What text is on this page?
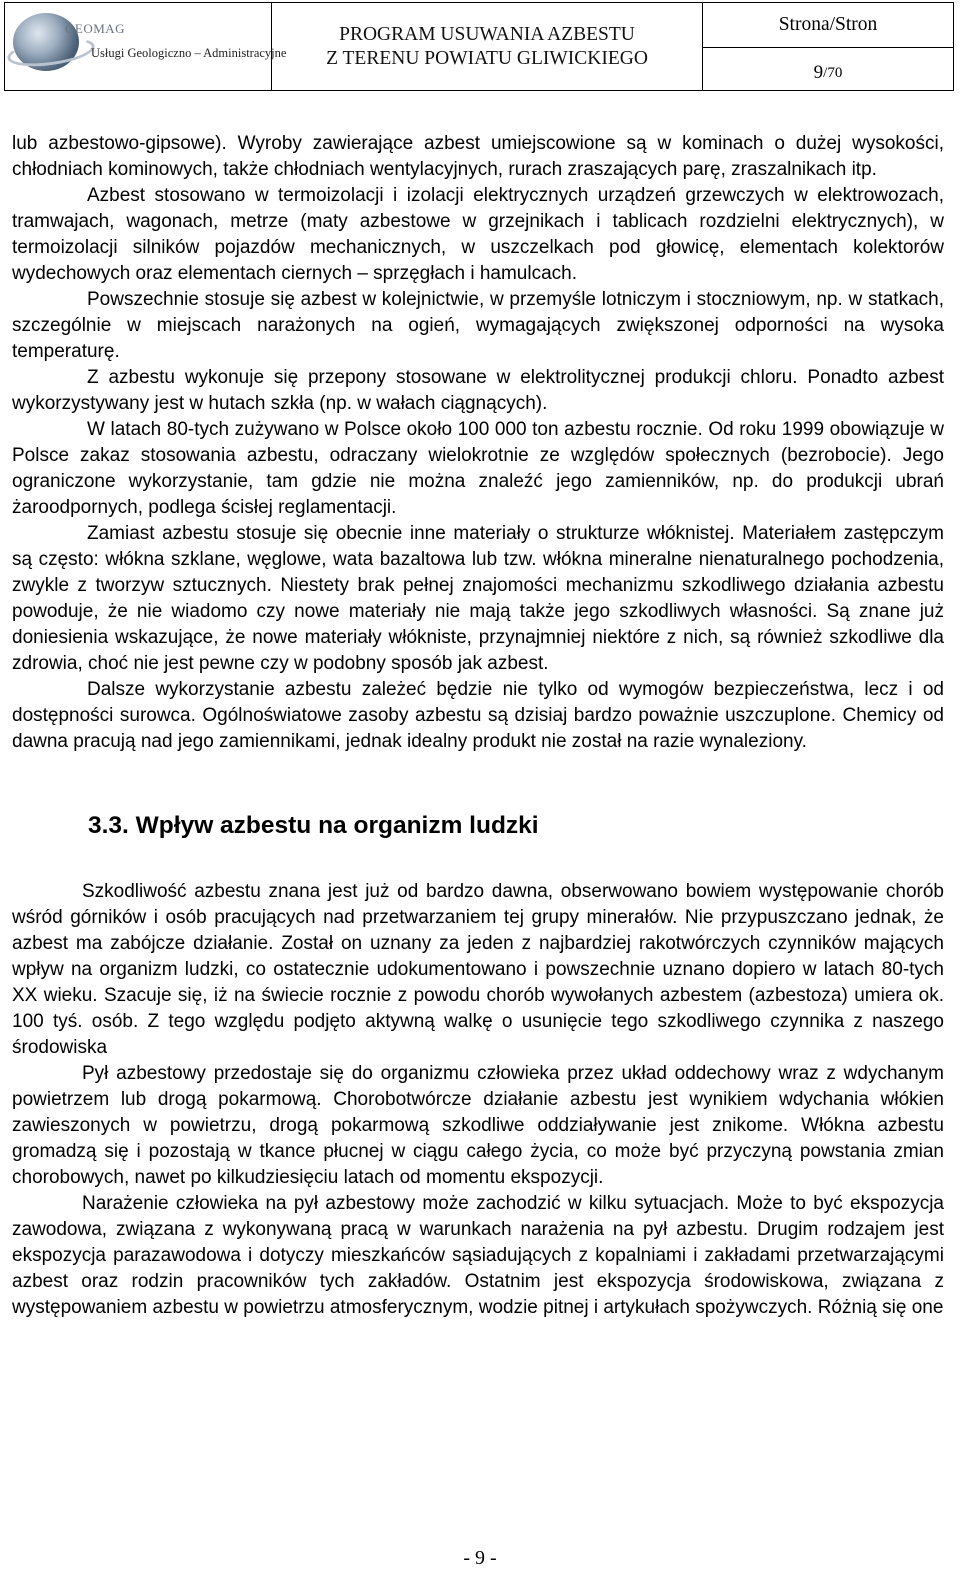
GEOMAG
Usługi Geologiczno – Administracyjne
PROGRAM USUWANIA AZBESTU
Z TERENU POWIATU GLIWICKIEGO
Strona/Stron
9 /70

lub azbestowo-gipsowe). Wyroby zawierające azbest umiejscowione są w kominach o dużej wysokości, chłodniach kominowych, także chłodniach wentylacyjnych, rurach zraszających parę, zraszalnikach itp.

Azbest stosowano w termoizolacji i izolacji elektrycznych urządzeń grzewczych w elektrowozach, tramwajach, wagonach, metrze (maty azbestowe w grzejnikach i tablicach rozdzielni elektrycznych), w termoizolacji silników pojazdów mechanicznych, w uszczelkach pod głowicę, elementach kolektorów wydechowych oraz elementach ciernych – sprzęgłach i hamulcach.

Powszechnie stosuje się azbest w kolejnictwie, w przemyśle lotniczym i stoczniowym, np. w statkach, szczególnie w miejscach narażonych na ogień, wymagających zwiększonej odporności na wysoka temperaturę.

Z azbestu wykonuje się przepony stosowane w elektrolitycznej produkcji chloru. Ponadto azbest wykorzystywany jest w hutach szkła (np. w wałach ciągnących).

W latach 80-tych zużywano w Polsce około 100 000 ton azbestu rocznie. Od roku 1999 obowiązuje w Polsce zakaz stosowania azbestu, odraczany wielokrotnie ze względów społecznych (bezrobocie). Jego ograniczone wykorzystanie, tam gdzie nie można znaleźć jego zamienników, np. do produkcji ubrań żaroodpornych, podlega ścisłej reglamentacji.

Zamiast azbestu stosuje się obecnie inne materiały o strukturze włóknistej. Materiałem zastępczym są często: włókna szklane, węglowe, wata bazaltowa lub tzw. włókna mineralne nienaturalnego pochodzenia, zwykle z tworzyw sztucznych. Niestety brak pełnej znajomości mechanizmu szkodliwego działania azbestu powoduje, że nie wiadomo czy nowe materiały nie mają także jego szkodliwych własności. Są znane już doniesienia wskazujące, że nowe materiały włókniste, przynajmniej niektóre z nich, są również szkodliwe dla zdrowia, choć nie jest pewne czy w podobny sposób jak azbest.

Dalsze wykorzystanie azbestu zależeć będzie nie tylko od wymogów bezpieczeństwa, lecz i od dostępności surowca. Ogólnoświatowe zasoby azbestu są dzisiaj bardzo poważnie uszczuplone. Chemicy od dawna pracują nad jego zamiennikami, jednak idealny produkt nie został na razie wynaleziony.

3.3. Wpływ azbestu na organizm ludzki

Szkodliwość azbestu znana jest już od bardzo dawna, obserwowano bowiem występowanie chorób wśród górników i osób pracujących nad przetwarzaniem tej grupy minerałów. Nie przypuszczano jednak, że azbest ma zabójcze działanie. Został on uznany za jeden z najbardziej rakotwórczych czynników mających wpływ na organizm ludzki, co ostatecznie udokumentowano i powszechnie uznano dopiero w latach 80-tych XX wieku. Szacuje się, iż na świecie rocznie z powodu chorób wywołanych azbestem (azbestoza) umiera ok. 100 tyś. osób. Z tego względu podjęto aktywną walkę o usunięcie tego szkodliwego czynnika z naszego środowiska

Pył azbestowy przedostaje się do organizmu człowieka przez układ oddechowy wraz z wdychanym powietrzem lub drogą pokarmową. Chorobotwórcze działanie azbestu jest wynikiem wdychania włókien zawieszonych w powietrzu, drogą pokarmową szkodliwe oddziaływanie jest znikome. Włókna azbestu gromadzą się i pozostają w tkance płucnej w ciągu całego życia, co może być przyczyną powstania zmian chorobowych, nawet po kilkudziesięciu latach od momentu ekspozycji.

Narażenie człowieka na pył azbestowy może zachodzić w kilku sytuacjach. Może to być ekspozycja zawodowa, związana z wykonywaną pracą w warunkach narażenia na pył azbestu. Drugim rodzajem jest ekspozycja parazawodowa i dotyczy mieszkańców sąsiadujących z kopalniami i zakładami przetwarzającymi azbest oraz rodzin pracowników tych zakładów. Ostatnim jest ekspozycja środowiskowa, związana z występowaniem azbestu w powietrzu atmosferycznym, wodzie pitnej i artykułach spożywczych. Różnią się one

- 9 -
